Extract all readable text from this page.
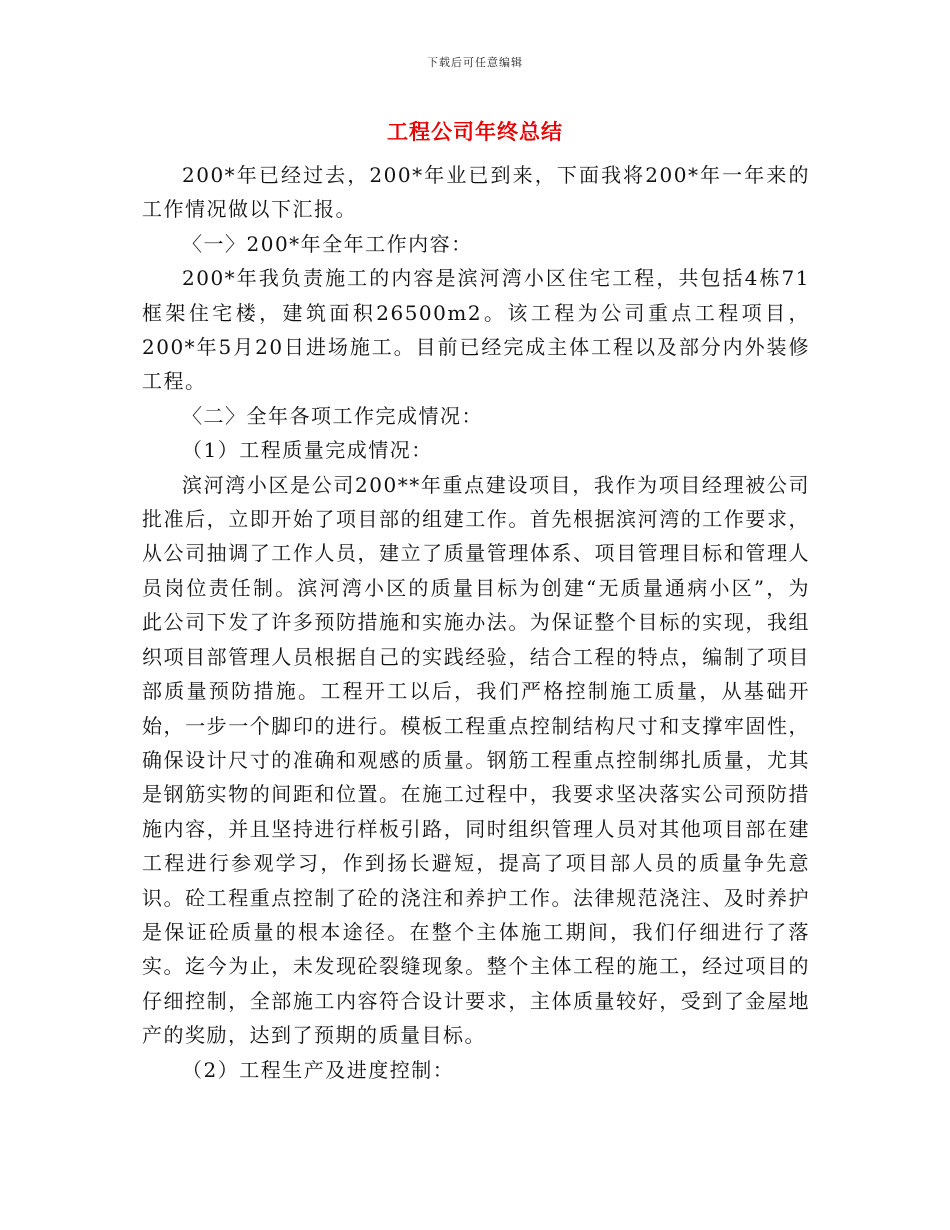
下载后可任意编辑
工程公司年终总结

200*年已经过去，200*年业已到来，下面我将200*年一年来的工作情况做以下汇报。

〈一〉200*年全年工作内容：

200*年我负责施工的内容是滨河湾小区住宅工程，共包括4栋71框架住宅楼，建筑面积26500m2。该工程为公司重点工程项目，200*年5月20日进场施工。目前已经完成主体工程以及部分内外装修工程。

〈二〉全年各项工作完成情况：

（1）工程质量完成情况：

滨河湾小区是公司200**年重点建设项目，我作为项目经理被公司批准后，立即开始了项目部的组建工作。首先根据滨河湾的工作要求，从公司抽调了工作人员，建立了质量管理体系、项目管理目标和管理人员岗位责任制。滨河湾小区的质量目标为创建“无质量通病小区”，为此公司下发了许多预防措施和实施办法。为保证整个目标的实现，我组织项目部管理人员根据自己的实践经验，结合工程的特点，编制了项目部质量预防措施。工程开工以后，我们严格控制施工质量，从基础开始，一步一个脚印的进行。模板工程重点控制结构尺寸和支撑牢固性，确保设计尺寸的准确和观感的质量。钢筋工程重点控制绑扎质量，尤其是钢筋实物的间距和位置。在施工过程中，我要求坚决落实公司预防措施内容，并且坚持进行样板引路，同时组织管理人员对其他项目部在建工程进行参观学习，作到扬长避短，提高了项目部人员的质量争先意识。砼工程重点控制了砼的浇注和养护工作。法律规范浇注、及时养护是保证砼质量的根本途径。在整个主体施工期间，我们仔细进行了落实。迄今为止，未发现砼裂缝现象。整个主体工程的施工，经过项目的仔细控制，全部施工内容符合设计要求，主体质量较好，受到了金屋地产的奖励，达到了预期的质量目标。

（2）工程生产及进度控制：
